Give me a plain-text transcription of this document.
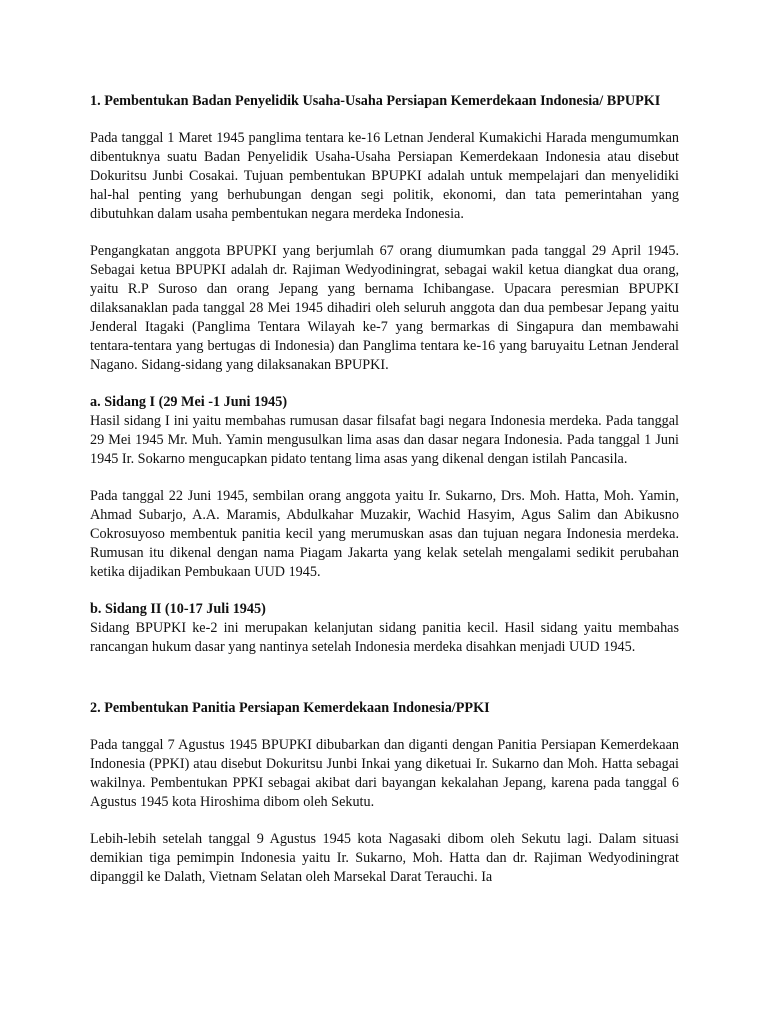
1. Pembentukan Badan Penyelidik Usaha-Usaha Persiapan Kemerdekaan Indonesia/ BPUPKI

Pada tanggal 1 Maret 1945 panglima tentara ke-16 Letnan Jenderal Kumakichi Harada mengumumkan dibentuknya suatu Badan Penyelidik Usaha-Usaha Persiapan Kemerdekaan Indonesia atau disebut Dokuritsu Junbi Cosakai. Tujuan pembentukan BPUPKI adalah untuk mempelajari dan menyelidiki hal-hal penting yang berhubungan dengan segi politik, ekonomi, dan tata pemerintahan yang dibutuhkan dalam usaha pembentukan negara merdeka Indonesia.

Pengangkatan anggota BPUPKI yang berjumlah 67 orang diumumkan pada tanggal 29 April 1945. Sebagai ketua BPUPKI adalah dr. Rajiman Wedyodiningrat, sebagai wakil ketua diangkat dua orang, yaitu R.P Suroso dan orang Jepang yang bernama Ichibangase. Upacara peresmian BPUPKI dilaksanaklan pada tanggal 28 Mei 1945 dihadiri oleh seluruh anggota dan dua pembesar Jepang yaitu Jenderal Itagaki (Panglima Tentara Wilayah ke-7 yang bermarkas di Singapura dan membawahi tentara-tentara yang bertugas di Indonesia) dan Panglima tentara ke-16 yang baruyaitu Letnan Jenderal Nagano. Sidang-sidang yang dilaksanakan BPUPKI.

a. Sidang I (29 Mei -1 Juni 1945)

Hasil sidang I ini yaitu membahas rumusan dasar filsafat bagi negara Indonesia merdeka. Pada tanggal 29 Mei 1945 Mr. Muh. Yamin mengusulkan lima asas dan dasar negara Indonesia. Pada tanggal 1 Juni 1945 Ir. Sokarno mengucapkan pidato tentang lima asas yang dikenal dengan istilah Pancasila.

Pada tanggal 22 Juni 1945, sembilan orang anggota yaitu Ir. Sukarno, Drs. Moh. Hatta, Moh. Yamin, Ahmad Subarjo, A.A. Maramis, Abdulkahar Muzakir, Wachid Hasyim, Agus Salim dan Abikusno Cokrosuyoso membentuk panitia kecil yang merumuskan asas dan tujuan negara Indonesia merdeka. Rumusan itu dikenal dengan nama Piagam Jakarta yang kelak setelah mengalami sedikit perubahan ketika dijadikan Pembukaan UUD 1945.

b. Sidang II (10-17 Juli 1945)

Sidang BPUPKI ke-2 ini merupakan kelanjutan sidang panitia kecil. Hasil sidang yaitu membahas rancangan hukum dasar yang nantinya setelah Indonesia merdeka disahkan menjadi UUD 1945.

2. Pembentukan Panitia Persiapan Kemerdekaan Indonesia/PPKI

Pada tanggal 7 Agustus 1945 BPUPKI dibubarkan dan diganti dengan Panitia Persiapan Kemerdekaan Indonesia (PPKI) atau disebut Dokuritsu Junbi Inkai yang diketuai Ir. Sukarno dan Moh. Hatta sebagai wakilnya. Pembentukan PPKI sebagai akibat dari bayangan kekalahan Jepang, karena pada tanggal 6 Agustus 1945 kota Hiroshima dibom oleh Sekutu.

Lebih-lebih setelah tanggal 9 Agustus 1945 kota Nagasaki dibom oleh Sekutu lagi. Dalam situasi demikian tiga pemimpin Indonesia yaitu Ir. Sukarno, Moh. Hatta dan dr. Rajiman Wedyodiningrat dipanggil ke Dalath, Vietnam Selatan oleh Marsekal Darat Terauchi. Ia
